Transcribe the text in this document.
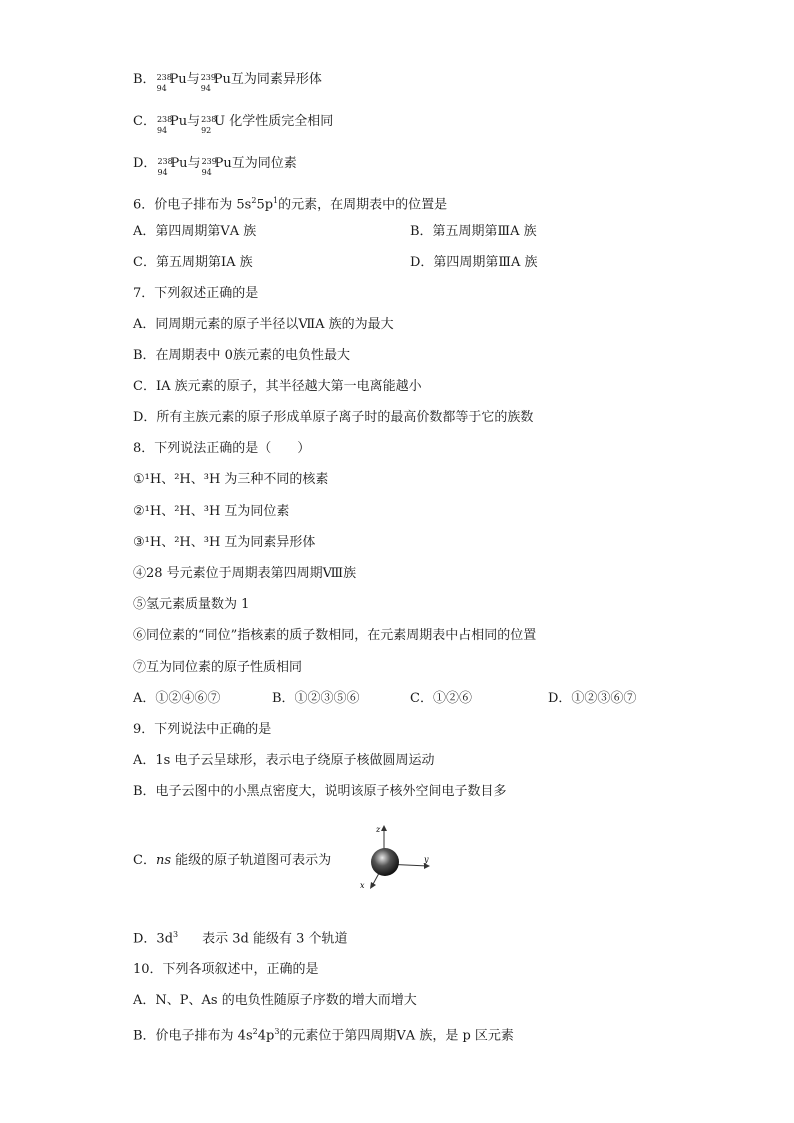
B． 238
94
Pu与 239
94
Pu互为同素异形体
C． 238
94
Pu与 238
92
U 化学性质完全相同
D． 238
94
Pu与 239
94
Pu互为同位素
6．价电子排布为 $5s^25p^1$的元素，在周期表中的位置是
A．第四周期第ⅤA 族	B．第五周期第ⅢA 族
C．第五周期第ⅠA 族	D．第四周期第ⅢA 族
7．下列叙述正确的是
A．同周期元素的原子半径以ⅦA 族的为最大
B．在周期表中 0族元素的电负性最大
C．ⅠA 族元素的原子，其半径越大第一电离能越小
D．所有主族元素的原子形成单原子离子时的最高价数都等于它的族数
8．下列说法正确的是（　　）
①¹H、²H、³H 为三种不同的核素
②¹H、²H、³H 互为同位素
③¹H、²H、³H 互为同素异形体
④28 号元素位于周期表第四周期Ⅷ族
⑤氢元素质量数为 1
⑥同位素的“同位”指核素的质子数相同，在元素周期表中占相同的位置
⑦互为同位素的原子性质相同
A．①②④⑥⑦	B．①②③⑤⑥	C．①②⑥	D．①②③⑥⑦
9．下列说法中正确的是
A．1s 电子云呈球形，表示电子绕原子核做圆周运动
B．电子云图中的小黑点密度大，说明该原子核外空间电子数目多
C．ns 能级的原子轨道图可表示为
z
y
x
D．$3d^3$ 表示 3d 能级有 3 个轨道
10．下列各项叙述中，正确的是
A．N、P、As 的电负性随原子序数的增大而增大
B．价电子排布为 $4s^24p^3$的元素位于第四周期ⅤA 族，是 p 区元素
